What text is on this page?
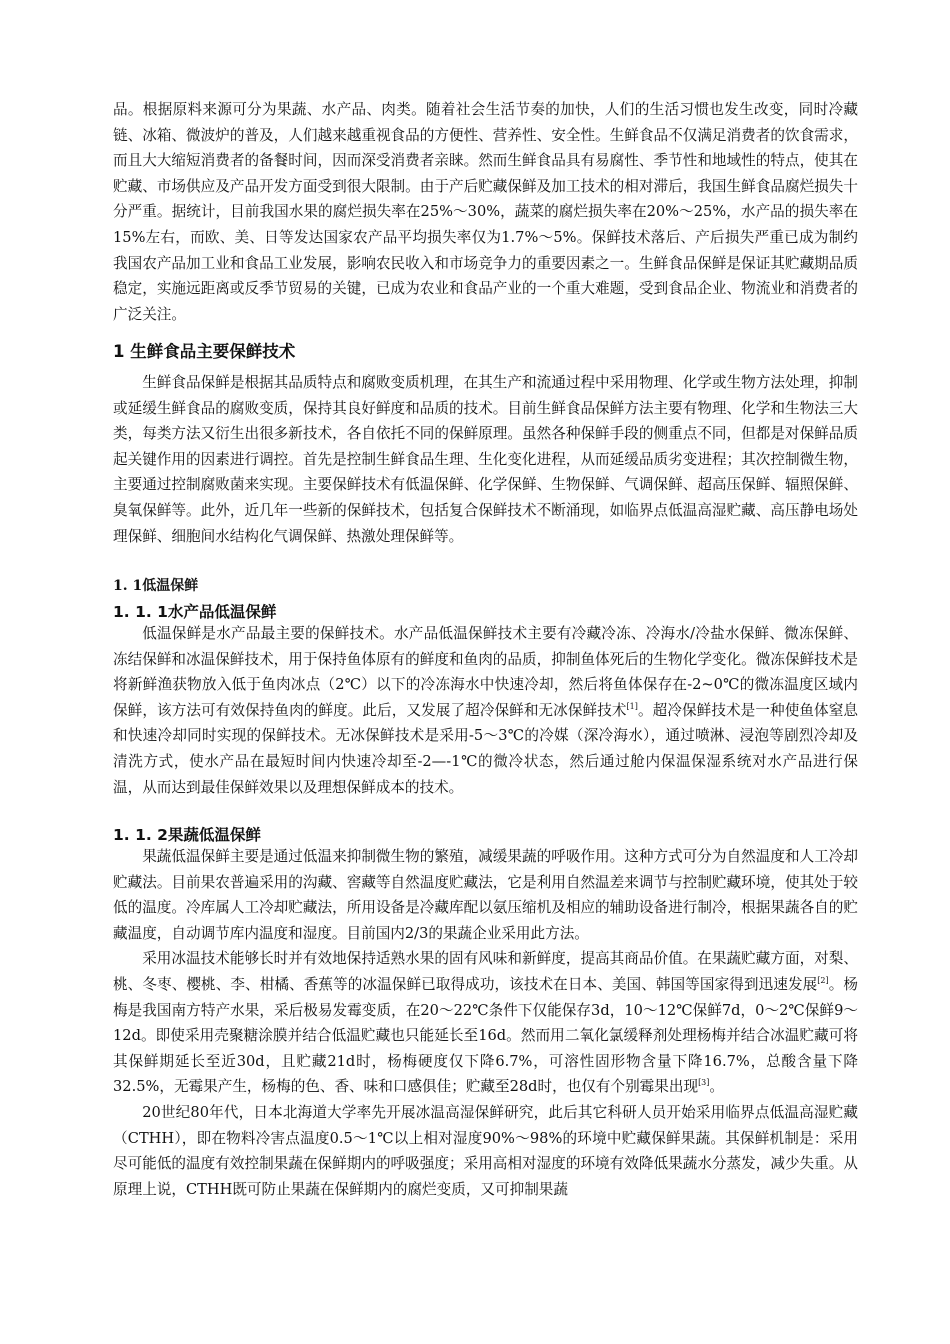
品。根据原料来源可分为果蔬、水产品、肉类。随着社会生活节奏的加快，人们的生活习惯也发生改变，同时冷藏链、冰箱、微波炉的普及，人们越来越重视食品的方便性、营养性、安全性。生鲜食品不仅满足消费者的饮食需求，而且大大缩短消费者的备餐时间，因而深受消费者亲睐。然而生鲜食品具有易腐性、季节性和地域性的特点，使其在贮藏、市场供应及产品开发方面受到很大限制。由于产后贮藏保鲜及加工技术的相对滞后，我国生鲜食品腐烂损失十分严重。据统计，目前我国水果的腐烂损失率在25%～30%，蔬菜的腐烂损失率在20%～25%，水产品的损失率在15%左右，而欧、美、日等发达国家农产品平均损失率仅为1.7%～5%。保鲜技术落后、产后损失严重已成为制约我国农产品加工业和食品工业发展，影响农民收入和市场竞争力的重要因素之一。生鲜食品保鲜是保证其贮藏期品质稳定，实施远距离或反季节贸易的关键，已成为农业和食品产业的一个重大难题，受到食品企业、物流业和消费者的广泛关注。

1 生鲜食品主要保鲜技术

生鲜食品保鲜是根据其品质特点和腐败变质机理，在其生产和流通过程中采用物理、化学或生物方法处理，抑制或延缓生鲜食品的腐败变质，保持其良好鲜度和品质的技术。目前生鲜食品保鲜方法主要有物理、化学和生物法三大类，每类方法又衍生出很多新技术，各自依托不同的保鲜原理。虽然各种保鲜手段的侧重点不同，但都是对保鲜品质起关键作用的因素进行调控。首先是控制生鲜食品生理、生化变化进程，从而延缓品质劣变进程；其次控制微生物，主要通过控制腐败菌来实现。主要保鲜技术有低温保鲜、化学保鲜、生物保鲜、气调保鲜、超高压保鲜、辐照保鲜、臭氧保鲜等。此外，近几年一些新的保鲜技术，包括复合保鲜技术不断涌现，如临界点低温高湿贮藏、高压静电场处理保鲜、细胞间水结构化气调保鲜、热激处理保鲜等。

1. 1低温保鲜
1. 1. 1水产品低温保鲜

低温保鲜是水产品最主要的保鲜技术。水产品低温保鲜技术主要有冷藏冷冻、冷海水/冷盐水保鲜、微冻保鲜、冻结保鲜和冰温保鲜技术，用于保持鱼体原有的鲜度和鱼肉的品质，抑制鱼体死后的生物化学变化。微冻保鲜技术是将新鲜渔获物放入低于鱼肉冰点（2℃）以下的冷冻海水中快速冷却，然后将鱼体保存在-2~0℃的微冻温度区域内保鲜，该方法可有效保持鱼肉的鲜度。此后，又发展了超冷保鲜和无冰保鲜技术[1]。超冷保鲜技术是一种使鱼体窒息和快速冷却同时实现的保鲜技术。无冰保鲜技术是采用-5～3℃的冷媒（深冷海水），通过喷淋、浸泡等剧烈冷却及清洗方式，使水产品在最短时间内快速冷却至-2—-1℃的微冷状态，然后通过舱内保温保湿系统对水产品进行保温，从而达到最佳保鲜效果以及理想保鲜成本的技术。

1. 1. 2果蔬低温保鲜

果蔬低温保鲜主要是通过低温来抑制微生物的繁殖，减缓果蔬的呼吸作用。这种方式可分为自然温度和人工冷却贮藏法。目前果农普遍采用的沟藏、窖藏等自然温度贮藏法，它是利用自然温差来调节与控制贮藏环境，使其处于较低的温度。冷库属人工冷却贮藏法，所用设备是冷藏库配以氨压缩机及相应的辅助设备进行制冷，根据果蔬各自的贮藏温度，自动调节库内温度和湿度。目前国内2/3的果蔬企业采用此方法。

采用冰温技术能够长时并有效地保持适熟水果的固有风味和新鲜度，提高其商品价值。在果蔬贮藏方面，对梨、桃、冬枣、樱桃、李、柑橘、香蕉等的冰温保鲜已取得成功，该技术在日本、美国、韩国等国家得到迅速发展[2]。杨梅是我国南方特产水果，采后极易发霉变质，在20～22℃条件下仅能保存3d，10～12℃保鲜7d，0～2℃保鲜9～12d。即使采用壳聚糖涂膜并结合低温贮藏也只能延长至16d。然而用二氧化氯缓释剂处理杨梅并结合冰温贮藏可将其保鲜期延长至近30d，且贮藏21d时，杨梅硬度仅下降6.7%，可溶性固形物含量下降16.7%，总酸含量下降32.5%，无霉果产生，杨梅的色、香、味和口感俱佳；贮藏至28d时，也仅有个别霉果出现[3]。

20世纪80年代，日本北海道大学率先开展冰温高湿保鲜研究，此后其它科研人员开始采用临界点低温高湿贮藏（CTHH），即在物料冷害点温度0.5～1℃以上相对湿度90%～98%的环境中贮藏保鲜果蔬。其保鲜机制是：采用尽可能低的温度有效控制果蔬在保鲜期内的呼吸强度；采用高相对湿度的环境有效降低果蔬水分蒸发，减少失重。从原理上说，CTHH既可防止果蔬在保鲜期内的腐烂变质，又可抑制果蔬
